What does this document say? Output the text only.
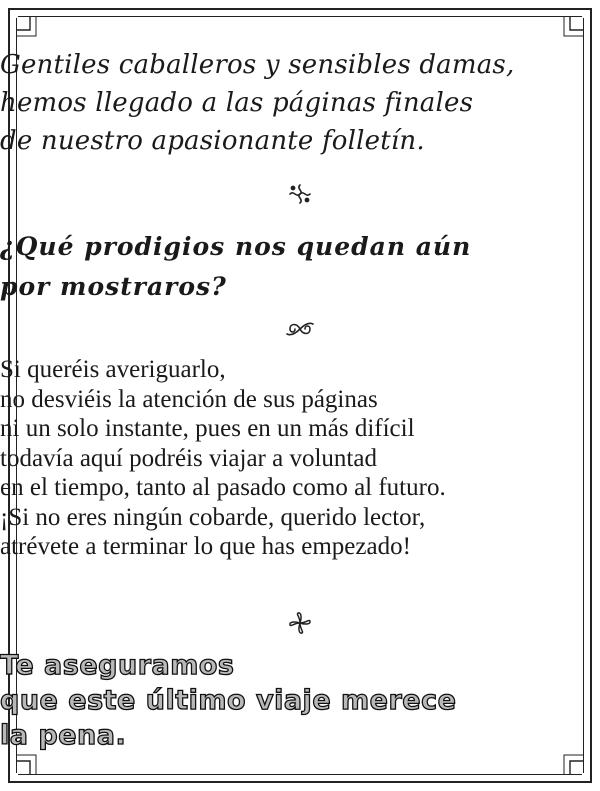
Gentiles caballeros y sensibles damas,
hemos llegado a las páginas finales
de nuestro apasionante folletín.
¿Qué prodigios nos quedan aún
por mostraros?
Si queréis averiguarlo,
no desviéis la atención de sus páginas
ni un solo instante, pues en un más difícil
todavía aquí podréis viajar a voluntad
en el tiempo, tanto al pasado como al futuro.
¡Si no eres ningún cobarde, querido lector,
atrévete a terminar lo que has empezado!
Te aseguramos
que este último viaje merece
la pena.
